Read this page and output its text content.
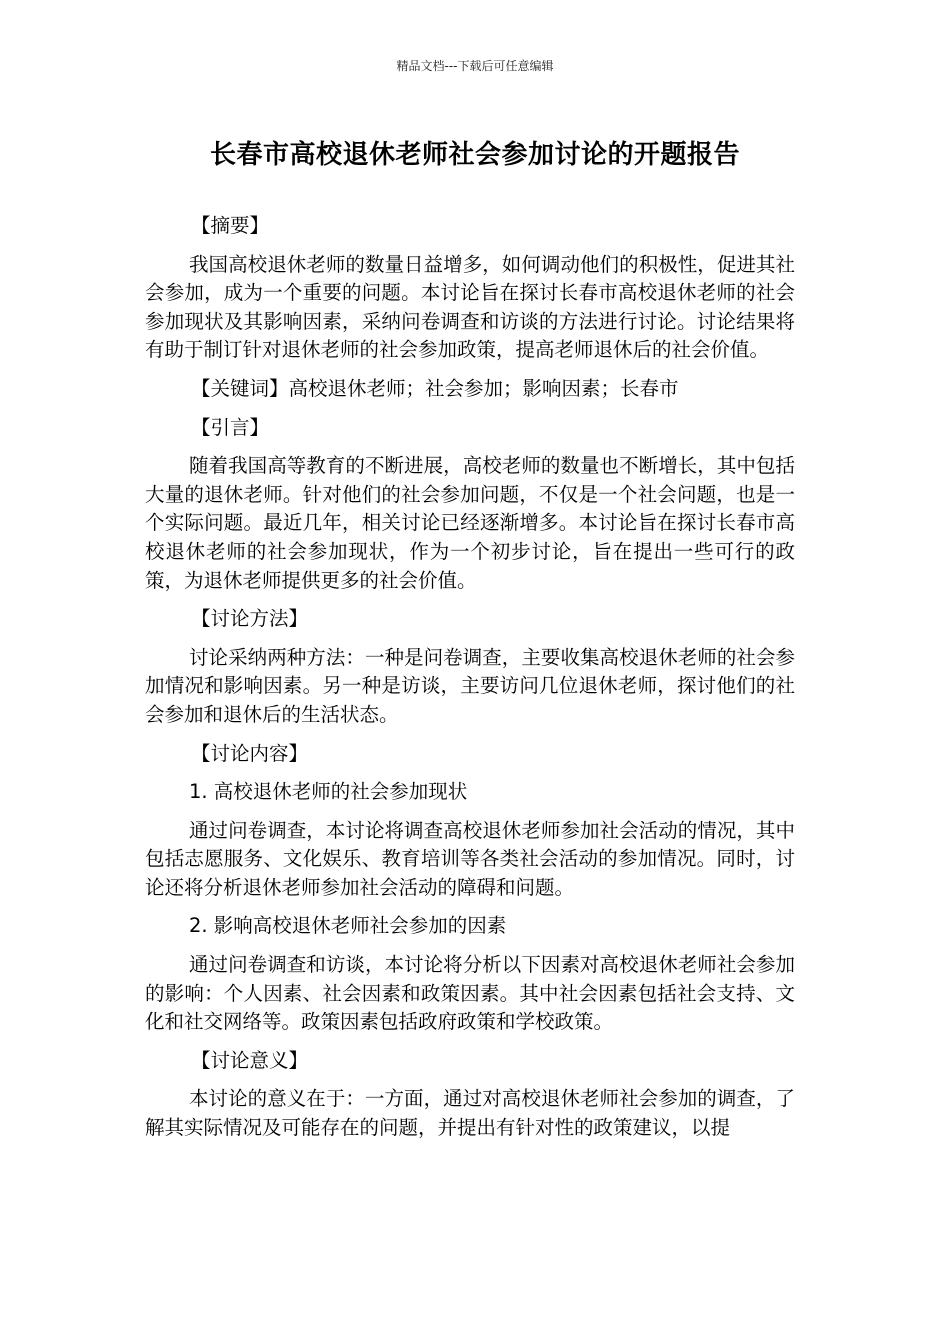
精品文档---下载后可任意编辑
长春市高校退休老师社会参加讨论的开题报告

【摘要】

我国高校退休老师的数量日益增多，如何调动他们的积极性，促进其社会参加，成为一个重要的问题。本讨论旨在探讨长春市高校退休老师的社会参加现状及其影响因素，采纳问卷调查和访谈的方法进行讨论。讨论结果将有助于制订针对退休老师的社会参加政策，提高老师退休后的社会价值。

【关键词】高校退休老师；社会参加；影响因素；长春市

【引言】

随着我国高等教育的不断进展，高校老师的数量也不断增长，其中包括大量的退休老师。针对他们的社会参加问题，不仅是一个社会问题，也是一个实际问题。最近几年，相关讨论已经逐渐增多。本讨论旨在探讨长春市高校退休老师的社会参加现状，作为一个初步讨论，旨在提出一些可行的政策，为退休老师提供更多的社会价值。

【讨论方法】

讨论采纳两种方法：一种是问卷调查，主要收集高校退休老师的社会参加情况和影响因素。另一种是访谈，主要访问几位退休老师，探讨他们的社会参加和退休后的生活状态。

【讨论内容】

1. 高校退休老师的社会参加现状

通过问卷调查，本讨论将调查高校退休老师参加社会活动的情况，其中包括志愿服务、文化娱乐、教育培训等各类社会活动的参加情况。同时，讨论还将分析退休老师参加社会活动的障碍和问题。

2. 影响高校退休老师社会参加的因素

通过问卷调查和访谈，本讨论将分析以下因素对高校退休老师社会参加的影响：个人因素、社会因素和政策因素。其中社会因素包括社会支持、文化和社交网络等。政策因素包括政府政策和学校政策。

【讨论意义】

本讨论的意义在于：一方面，通过对高校退休老师社会参加的调查，了解其实际情况及可能存在的问题，并提出有针对性的政策建议，以提
